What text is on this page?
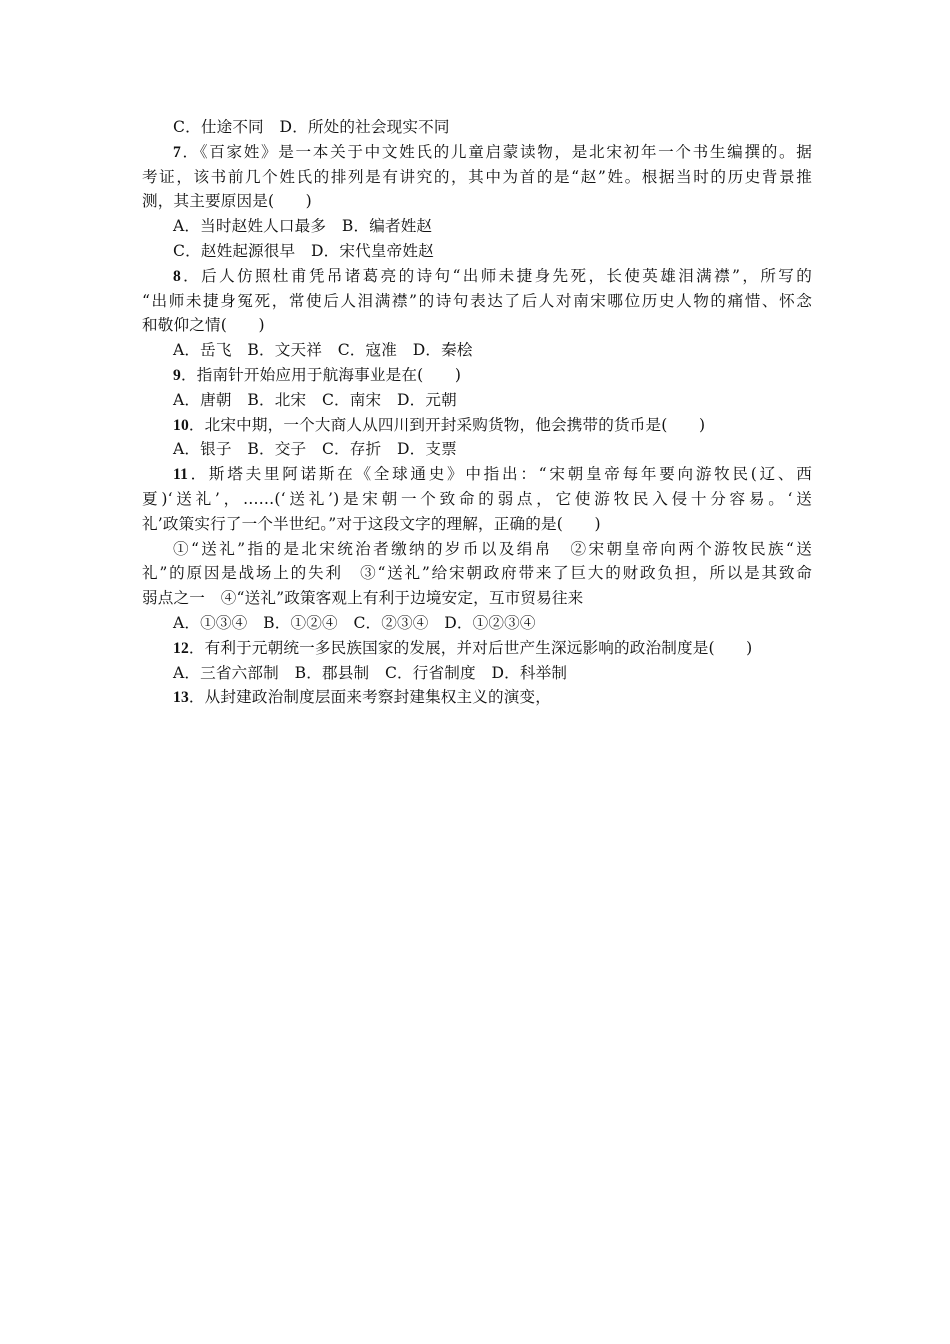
C．仕途不同　D．所处的社会现实不同
7．《百家姓》是一本关于中文姓氏的儿童启蒙读物，是北宋初年一个书生编撰的。据
考证，该书前几个姓氏的排列是有讲究的，其中为首的是“赵”姓。根据当时的历史背景推
测，其主要原因是(　　)
A．当时赵姓人口最多　B．编者姓赵
C．赵姓起源很早　D．宋代皇帝姓赵
8．后人仿照杜甫凭吊诸葛亮的诗句“出师未捷身先死，长使英雄泪满襟”，所写的
“出师未捷身冤死，常使后人泪满襟”的诗句表达了后人对南宋哪位历史人物的痛惜、怀念
和敬仰之情(　　)
A．岳飞　B．文天祥　C．寇准　D．秦桧
9．指南针开始应用于航海事业是在(　　)
A．唐朝　B．北宋　C．南宋　D．元朝
10．北宋中期，一个大商人从四川到开封采购货物，他会携带的货币是(　　)
A．银子　B．交子　C．存折　D．支票
11．斯塔夫里阿诺斯在《全球通史》中指出：“宋朝皇帝每年要向游牧民(辽、西
夏)‘送礼’，……(‘送礼’)是宋朝一个致命的弱点，它使游牧民入侵十分容易。‘送
礼’政策实行了一个半世纪。”对于这段文字的理解，正确的是(　　)
①“送礼”指的是北宋统治者缴纳的岁币以及绢帛　②宋朝皇帝向两个游牧民族“送
礼”的原因是战场上的失利　③“送礼”给宋朝政府带来了巨大的财政负担，所以是其致命
弱点之一　④“送礼”政策客观上有利于边境安定，互市贸易往来
A．①③④　B．①②④　C．②③④　D．①②③④
12．有利于元朝统一多民族国家的发展，并对后世产生深远影响的政治制度是(　　)
A．三省六部制　B．郡县制　C．行省制度　D．科举制
13．从封建政治制度层面来考察封建集权主义的演变，
